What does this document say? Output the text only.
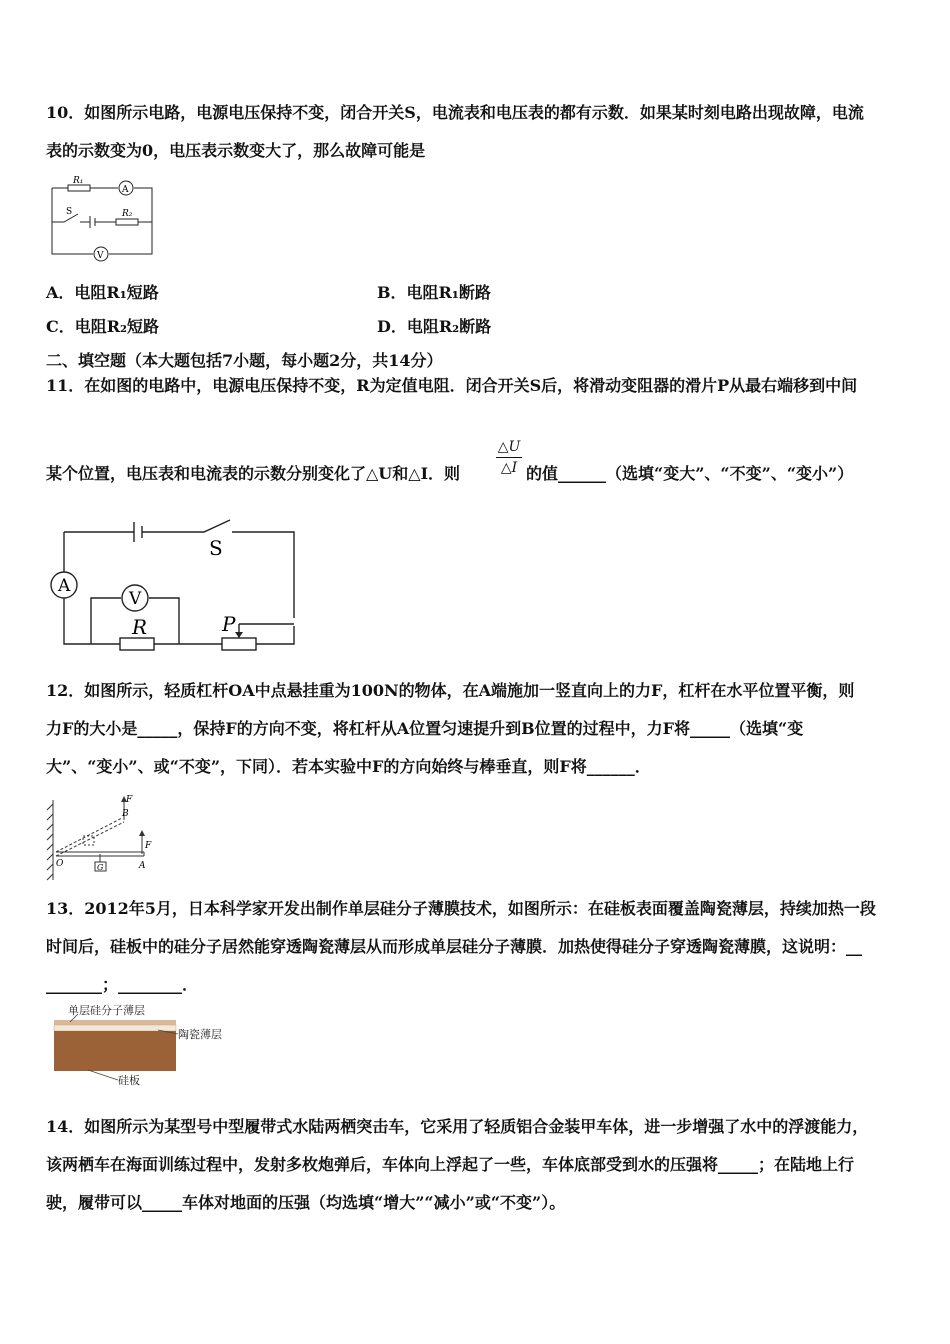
10．如图所示电路，电源电压保持不变，闭合开关S，电流表和电压表的都有示数．如果某时刻电路出现故障，电流
表的示数变为0，电压表示数变大了，那么故障可能是
R₁
A
S	R₂
V
A．电阻R₁短路	B．电阻R₁断路
C．电阻R₂短路	D．电阻R₂断路
二、填空题（本大题包括7小题，每小题2分，共14分）
11．在如图的电路中，电源电压保持不变，R为定值电阻．闭合开关S后，将滑动变阻器的滑片P从最右端移到中间
某个位置，电压表和电流表的示数分别变化了△U和△I．则
△U
△I 的值______（选填“变大”、“不变”、“变小”）
S
A
V
R	P
12．如图所示，轻质杠杆OA中点悬挂重为100N的物体，在A端施加一竖直向上的力F，杠杆在水平位置平衡，则
力F的大小是_____，保持F的方向不变，将杠杆从A位置匀速提升到B位置的过程中，力F将_____（选填“变
大”、“变小”、或“不变”，下同）．若本实验中F的方向始终与棒垂直，则F将______．
F
B
O	A
F
G
13．2012年5月，日本科学家开发出制作单层硅分子薄膜技术，如图所示：在硅板表面覆盖陶瓷薄层，持续加热一段
时间后，硅板中的硅分子居然能穿透陶瓷薄层从而形成单层硅分子薄膜．加热使得硅分子穿透陶瓷薄膜，这说明：__
_______；________．
单层硅分子薄层
陶瓷薄层
硅板
14．如图所示为某型号中型履带式水陆两栖突击车，它采用了轻质铝合金装甲车体，进一步增强了水中的浮渡能力，
该两栖车在海面训练过程中，发射多枚炮弹后，车体向上浮起了一些，车体底部受到水的压强将_____；在陆地上行
驶，履带可以_____车体对地面的压强（均选填“增大”“减小”或“不变”）。
